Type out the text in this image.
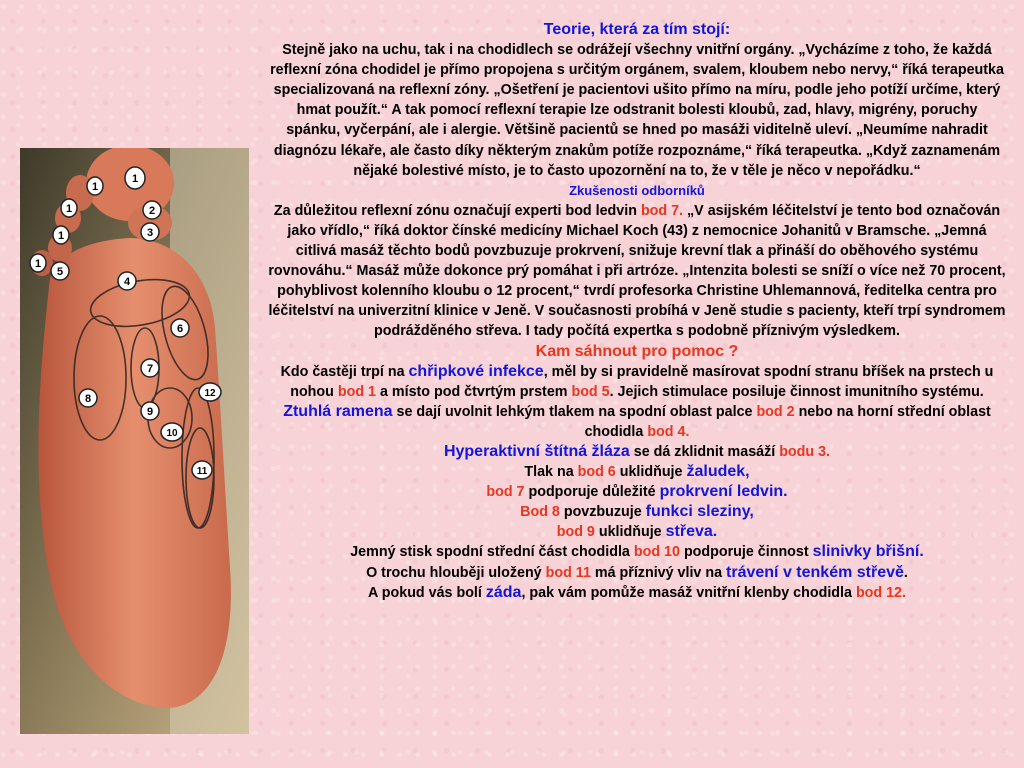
1
1
1
1
2
3
4
1
5
6
7
8
9
10
11
12

Teorie, která za tím stojí:

Stejně jako na uchu, tak i na chodidlech se odrážejí všechny vnitřní orgány. „Vycházíme z toho, že každá reflexní zóna chodidel je přímo propojena s určitým orgánem, svalem, kloubem nebo nervy,“ říká terapeutka specializovaná na reflexní zóny. „Ošetření je pacientovi ušito přímo na míru, podle jeho potíží určíme, který hmat použít.“ A tak pomocí reflexní terapie lze odstranit bolesti kloubů, zad, hlavy, migrény, poruchy spánku, vyčerpání, ale i alergie. Většině pacientů se hned po masáži viditelně uleví. „Neumíme nahradit diagnózu lékaře, ale často díky některým znakům potíže rozpoznáme,“ říká terapeutka. „Když zaznamenám nějaké bolestivé místo, je to často upozornění na to, že v těle je něco v nepořádku.“

Zkušenosti odborníků

Za důležitou reflexní zónu označují experti bod ledvin bod 7. „V asijském léčitelství je tento bod označován jako vřídlo,“ říká doktor čínské medicíny Michael Koch (43) z nemocnice Johanitů v Bramsche. „Jemná citlivá masáž těchto bodů povzbuzuje prokrvení, snižuje krevní tlak a přináší do oběhového systému rovnováhu.“ Masáž může dokonce prý pomáhat i při artróze. „Intenzita bolesti se sníží o více než 70 procent, pohyblivost kolenního kloubu o 12 procent,“ tvrdí profesorka Christine Uhlemannová, ředitelka centra pro léčitelství na univerzitní klinice v Jeně. V současnosti probíhá v Jeně studie s pacienty, kteří trpí syndromem podrážděného střeva. I tady počítá expertka s podobně příznivým výsledkem.

Kam sáhnout pro pomoc ?

Kdo častěji trpí na chřipkové infekce, měl by si pravidelně masírovat spodní stranu bříšek na prstech u nohou bod 1 a místo pod čtvrtým prstem bod 5. Jejich stimulace posiluje činnost imunitního systému.

Ztuhlá ramena se dají uvolnit lehkým tlakem na spodní oblast palce bod 2 nebo na horní střední oblast chodidla bod 4.

Hyperaktivní štítná žláza se dá zklidnit masáží bodu 3.

Tlak na bod 6 uklidňuje žaludek,

bod 7 podporuje důležité prokrvení ledvin.

Bod 8 povzbuzuje funkci sleziny,

bod 9 uklidňuje střeva.

Jemný stisk spodní střední část chodidla bod 10 podporuje činnost slinivky břišní.

O trochu hlouběji uložený bod 11 má příznivý vliv na trávení v tenkém střevě.

A pokud vás bolí záda, pak vám pomůže masáž vnitřní klenby chodidla bod 12.
